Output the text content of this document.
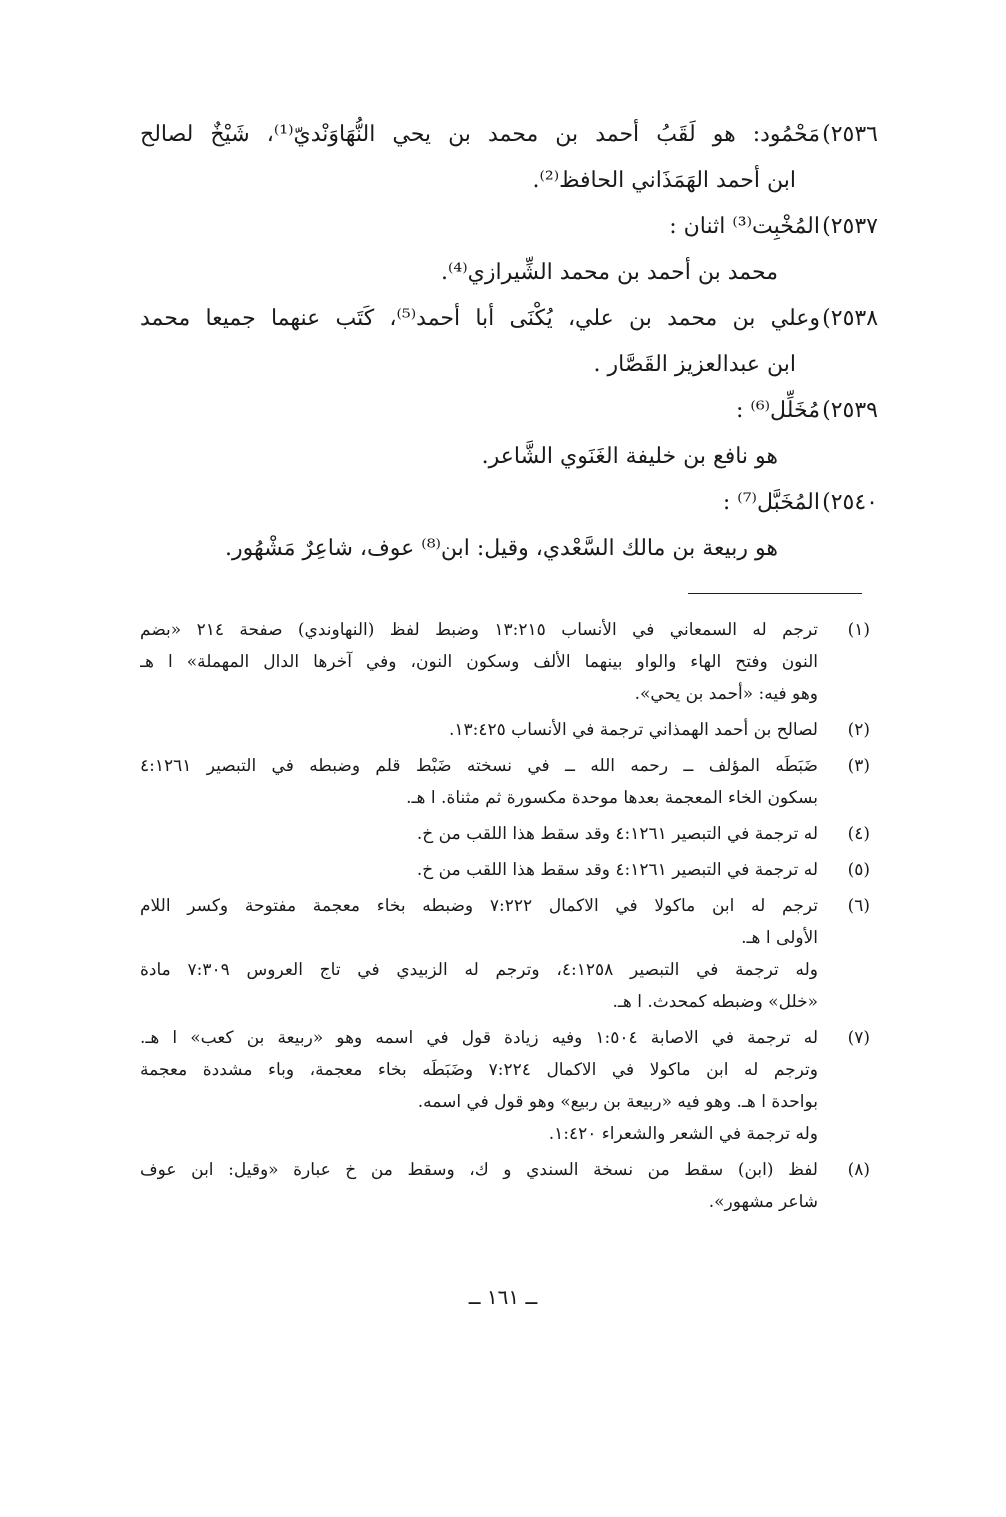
٢٥٣٦)مَحْمُود: هو لَقَبُ أحمد بن محمد بن يحي النُّهَاوَنْديّ⁽¹⁾، شَيْخٌ لصالح
ابن أحمد الهَمَذَاني الحافظ⁽²⁾.
٢٥٣٧)المُخْبِت⁽³⁾ اثنان :
محمد بن أحمد بن محمد الشِّيرازي⁽⁴⁾.
٢٥٣٨)وعلي بن محمد بن علي، يُكْنَى أبا أحمد⁽⁵⁾، كَتَب عنهما جميعا محمد
ابن عبدالعزيز القَصَّار .
٢٥٣٩)مُخَلِّل⁽⁶⁾ :
هو نافع بن خليفة الغَنَوي الشَّاعر.
٢٥٤٠)المُخَبَّل⁽⁷⁾ :
هو ربيعة بن مالك السَّعْدي، وقيل: ابن⁽⁸⁾ عوف، شاعِرٌ مَشْهُور.
(١)
ترجم له السمعاني في الأنساب ١٣:٢١٥ وضبط لفظ (النهاوندي) صفحة ٢١٤ «بضم
النون وفتح الهاء والواو بينهما الألف وسكون النون، وفي آخرها الدال المهملة» ا هـ
وهو فيه: «أحمد بن يحي».
(٢)
لصالح بن أحمد الهمذاني ترجمة في الأنساب ١٣:٤٢٥.
(٣)
ضَبَطَه المؤلف ــ رحمه الله ــ في نسخته ضَبْط قلم وضبطه في التبصير ٤:١٢٦١
بسكون الخاء المعجمة بعدها موحدة مكسورة ثم مثناة. ا هـ.
(٤)
له ترجمة في التبصير ٤:١٢٦١ وقد سقط هذا اللقب من خ.
(٥)
له ترجمة في التبصير ٤:١٢٦١ وقد سقط هذا اللقب من خ.
(٦)
ترجم له ابن ماكولا في الاكمال ٧:٢٢٢ وضبطه بخاء معجمة مفتوحة وكسر اللام
الأولى ا هـ.
وله ترجمة في التبصير ٤:١٢٥٨، وترجم له الزبيدي في تاج العروس ٧:٣٠٩ مادة
«خلل» وضبطه كمحدث. ا هـ.
(٧)
له ترجمة في الاصابة ١:٥٠٤ وفيه زيادة قول في اسمه وهو «ربيعة بن كعب» ا هـ.
وترجم له ابن ماكولا في الاكمال ٧:٢٢٤ وضَبَطَه بخاء معجمة، وباء مشددة معجمة
بواحدة ا هـ. وهو فيه «ربيعة بن ربيع» وهو قول في اسمه.
وله ترجمة في الشعر والشعراء ١:٤٢٠.
(٨)
لفظ (ابن) سقط من نسخة السندي و ك، وسقط من خ عبارة «وقيل: ابن عوف
شاعر مشهور».
ــ ١٦١ ــ
